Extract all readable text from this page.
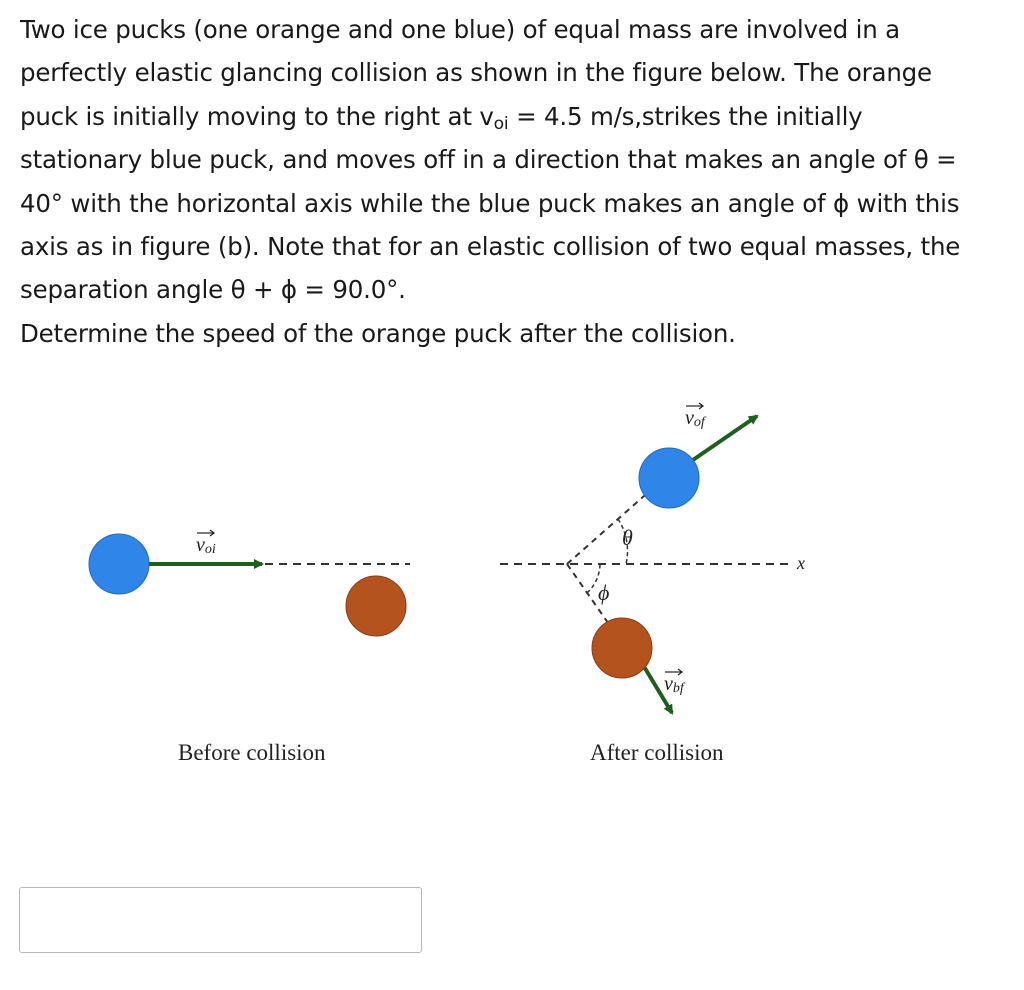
Two ice pucks (one orange and one blue) of equal mass are involved in a

perfectly elastic glancing collision as shown in the figure below. The orange

puck is initially moving to the right at $v_{oi} = 4.5$ m/s,strikes the initially

stationary blue puck, and moves off in a direction that makes an angle of θ =

40° with the horizontal axis while the blue puck makes an angle of ϕ with this

axis as in figure (b). Note that for an elastic collision of two equal masses, the

separation angle θ + ϕ = 90.0°.

Determine the speed of the orange puck after the collision.

voi
Before collision
x
θ
ϕ
vof
vbf
After collision
